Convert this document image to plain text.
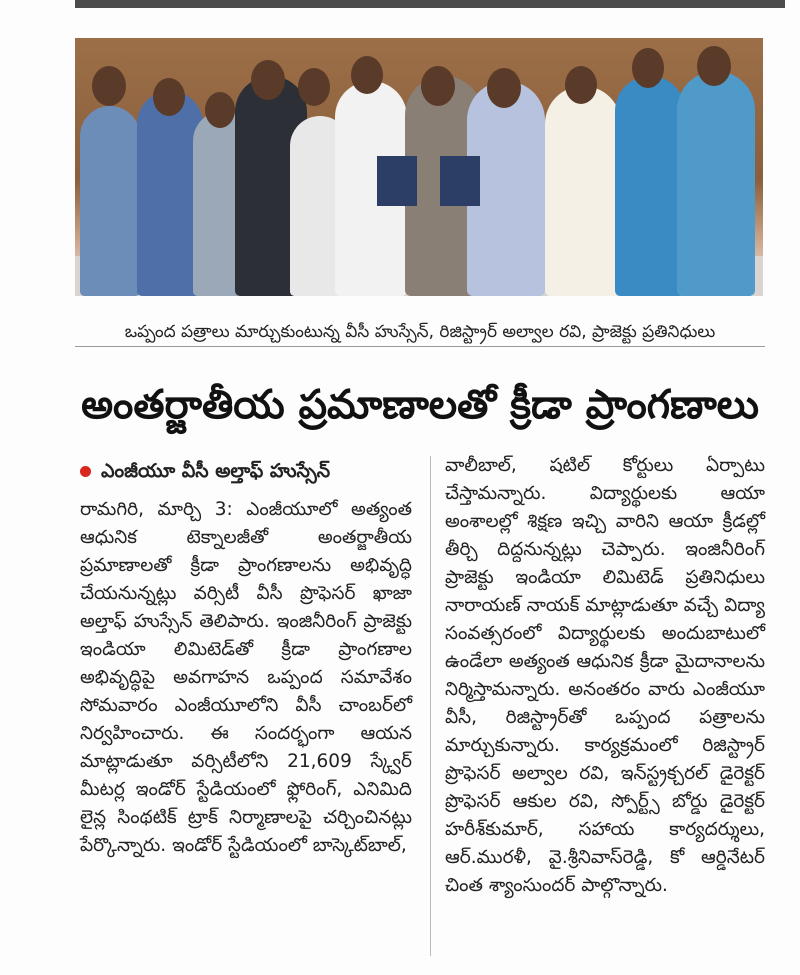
ఒప్పంద పత్రాలు మార్చుకుంటున్న వీసీ హుస్సేన్, రిజిస్ట్రార్ అల్వాల రవి, ప్రాజెక్టు ప్రతినిధులు
అంతర్జాతీయ ప్రమాణాలతో క్రీడా ప్రాంగణాలు
ఎంజీయూ వీసీ అల్తాఫ్ హుస్సేన్

రామగిరి, మార్చి 3: ఎంజీయూలో అత్యంత ఆధునిక టెక్నాలజీతో అంతర్జాతీయ ప్రమాణాలతో క్రీడా ప్రాంగణాలను అభివృద్ధి చేయనున్నట్లు వర్సిటీ వీసీ ప్రొఫెసర్ ఖాజా అల్తాఫ్ హుస్సేన్ తెలిపారు. ఇంజినీరింగ్ ప్రాజెక్టు ఇండియా లిమిటెడ్‌తో క్రీడా ప్రాంగణాల అభివృద్ధిపై అవగాహన ఒప్పంద సమావేశం సోమవారం ఎంజీయూలోని వీసీ చాంబర్‌లో నిర్వహించారు. ఈ సందర్భంగా ఆయన మాట్లాడుతూ వర్సిటీలోని 21,609 స్క్వేర్ మీటర్ల ఇండోర్ స్టేడియంలో ఫ్లోరింగ్, ఎనిమిది లైన్ల సింథటిక్ ట్రాక్ నిర్మాణాలపై చర్చించినట్లు పేర్కొన్నారు. ఇండోర్ స్టేడియంలో బాస్కెట్‌బాల్,

వాలీబాల్, షటిల్ కోర్టులు ఏర్పాటు చేస్తామన్నారు. విద్యార్థులకు ఆయా అంశాలల్లో శిక్షణ ఇచ్చి వారిని ఆయా క్రీడల్లో తీర్చి దిద్దనున్నట్లు చెప్పారు. ఇంజినీరింగ్ ప్రాజెక్టు ఇండియా లిమిటెడ్ ప్రతినిధులు నారాయణ్ నాయక్ మాట్లాడుతూ వచ్చే విద్యా సంవత్సరంలో విద్యార్థులకు అందుబాటులో ఉండేలా అత్యంత ఆధునిక క్రీడా మైదానాలను నిర్మిస్తామన్నారు. అనంతరం వారు ఎంజీయూ వీసీ, రిజిస్ట్రార్‌తో ఒప్పంద పత్రాలను మార్చుకున్నారు. కార్యక్రమంలో రిజిస్ట్రార్ ప్రొఫెసర్ అల్వాల రవి, ఇన్‌స్ట్రక్చరల్ డైరెక్టర్ ప్రొఫెసర్ ఆకుల రవి, స్పోర్ట్స్ బోర్డు డైరెక్టర్ హరీశ్‌కుమార్, సహాయ కార్యదర్శులు, ఆర్.మురళీ, వై.శ్రీనివాస్‌రెడ్డి, కో ఆర్డినేటర్ చింత శ్యాంసుందర్ పాల్గొన్నారు.
